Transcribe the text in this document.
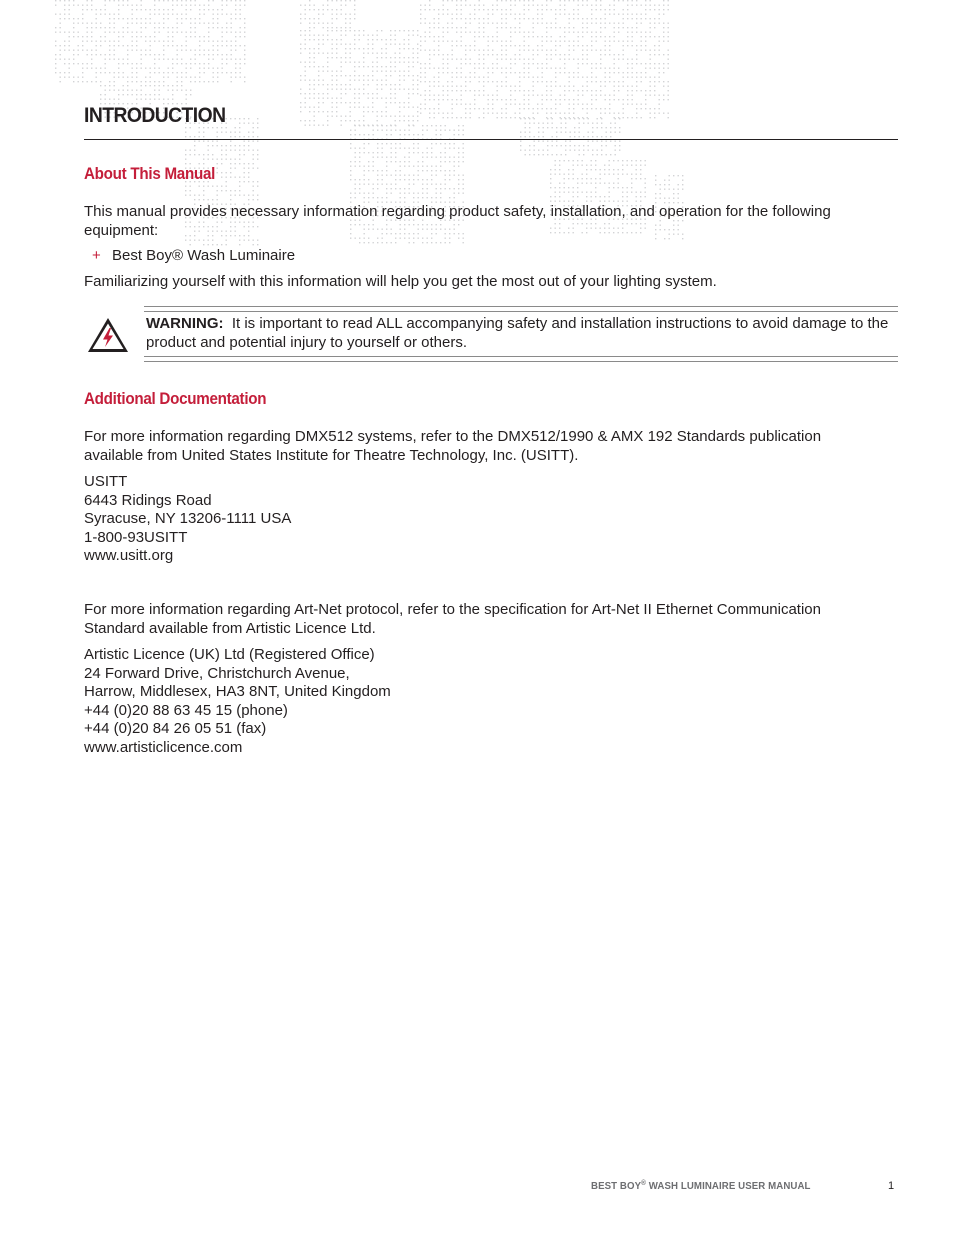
INTRODUCTION
About This Manual

This manual provides necessary information regarding product safety, installation, and operation for the following equipment:

+ Best Boy® Wash Luminaire

Familiarizing yourself with this information will help you get the most out of your lighting system.

WARNING: It is important to read ALL accompanying safety and installation instructions to avoid damage to the product and potential injury to yourself or others.

Additional Documentation

For more information regarding DMX512 systems, refer to the DMX512/1990 & AMX 192 Standards publication available from United States Institute for Theatre Technology, Inc. (USITT).

USITT
6443 Ridings Road
Syracuse, NY 13206-1111 USA
1-800-93USITT
www.usitt.org

For more information regarding Art-Net protocol, refer to the specification for Art-Net II Ethernet Communication Standard available from Artistic Licence Ltd.

Artistic Licence (UK) Ltd (Registered Office)
24 Forward Drive, Christchurch Avenue,
Harrow, Middlesex, HA3 8NT, United Kingdom
+44 (0)20 88 63 45 15 (phone)
+44 (0)20 84 26 05 51 (fax)
www.artisticlicence.com
BEST BOY® WASH LUMINAIRE USER MANUAL	1
